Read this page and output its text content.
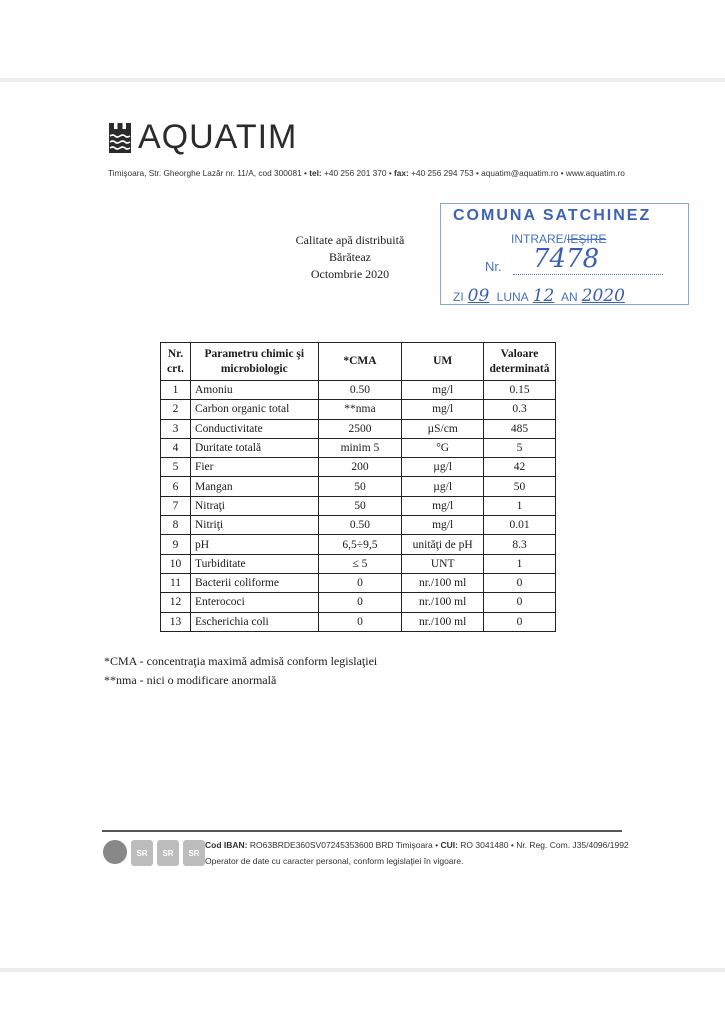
AQUATIM
Timişoara, Str. Gheorghe Lazăr nr. 11/A, cod 300081 • tel: +40 256 201 370 • fax: +40 256 294 753 • aquatim@aquatim.ro • www.aquatim.ro
COMUNA SATCHINEZ
INTRARE/IEŞIRE
Nr. 7478
ZI 09 LUNA 12 AN 2020
Calitate apă distribuită
Bărăteaz
Octombrie 2020
Nr. crt.	Parametru chimic şi microbiologic	*CMA	UM	Valoare determinată
1	Amoniu	0.50	mg/l	0.15
2	Carbon organic total	**nma	mg/l	0.3
3	Conductivitate	2500	µS/cm	485
4	Duritate totală	minim 5	°G	5
5	Fier	200	µg/l	42
6	Mangan	50	µg/l	50
7	Nitraţi	50	mg/l	1
8	Nitriţi	0.50	mg/l	0.01
9	pH	6,5÷9,5	unităţi de pH	8.3
10	Turbiditate	≤ 5	UNT	1
11	Bacterii coliforme	0	nr./100 ml	0
12	Enterococi	0	nr./100 ml	0
13	Escherichia coli	0	nr./100 ml	0
*CMA - concentraţia maximă admisă conform legislaţiei
**nma - nici o modificare anormală
SR	SR	SR
Cod IBAN: RO63BRDE360SV07245353600 BRD Timişoara • CUI: RO 3041480 • Nr. Reg. Com. J35/4096/1992
Operator de date cu caracter personal, conform legislaţiei în vigoare.
